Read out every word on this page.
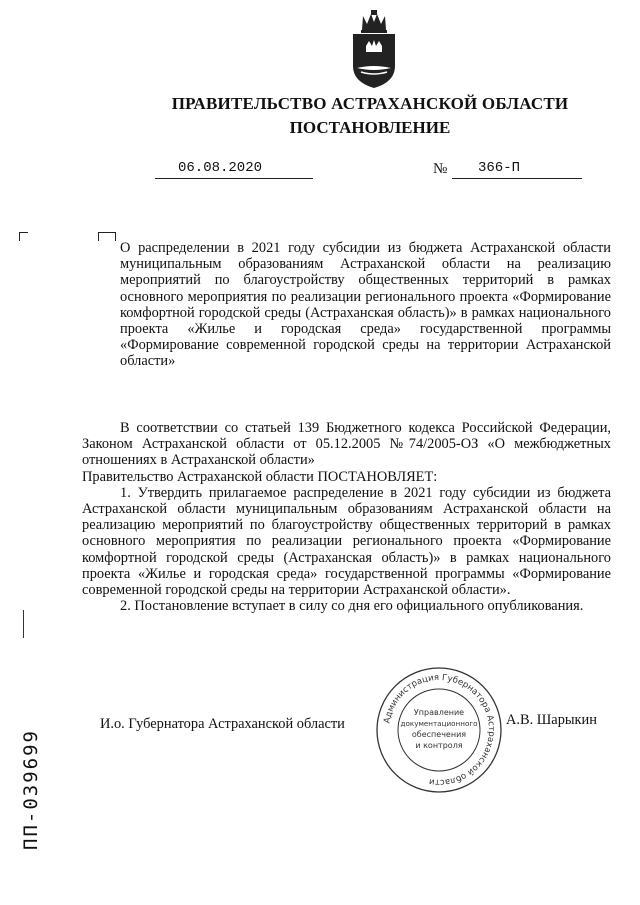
ПРАВИТЕЛЬСТВО АСТРАХАНСКОЙ ОБЛАСТИ
ПОСТАНОВЛЕНИЕ
06.08.2020	№ 366-П
О распределении в 2021 году субсидии из бюджета Астраханской области муниципальным образованиям Астраханской области на реализацию мероприятий по благоустройству общественных территорий в рамках основного мероприятия по реализации регионального проекта «Формирование комфортной городской среды (Астраханская область)» в рамках национального проекта «Жилье и городская среда» государственной программы «Формирование современной городской среды на территории Астраханской области»

В соответствии со статьей 139 Бюджетного кодекса Российской Федерации, Законом Астраханской области от 05.12.2005 №74/2005-ОЗ «О межбюджетных отношениях в Астраханской области»

Правительство Астраханской области ПОСТАНОВЛЯЕТ:

1. Утвердить прилагаемое распределение в 2021 году субсидии из бюджета Астраханской области муниципальным образованиям Астраханской области на реализацию мероприятий по благоустройству общественных территорий в рамках основного мероприятия по реализации регионального проекта «Формирование комфортной городской среды (Астраханская область)» в рамках национального проекта «Жилье и городская среда» государственной программы «Формирование современной городской среды на территории Астраханской области».

2. Постановление вступает в силу со дня его официального опубликования.

И.о. Губернатора Астраханской области	А.В. Шарыкин
Администрация Губернатора Астраханской области
Управление
документационного
обеспечения
и контроля
ПП-039699
